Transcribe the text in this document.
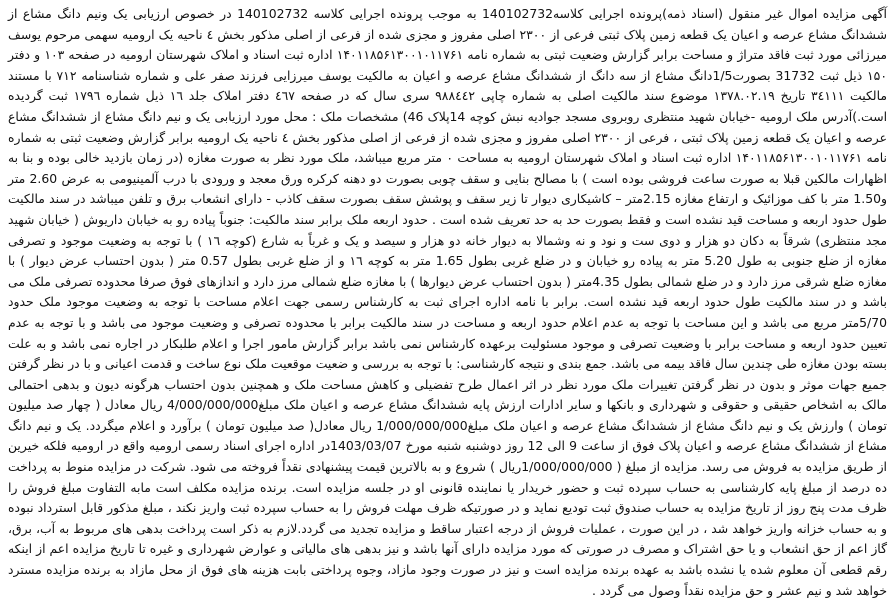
آگهی مزایده اموال غیر منقول (اسناد ذمه)پرونده اجرایی کلاسه140102732 به موجب پرونده اجرایی کلاسه 140102732 در خصوص ارزیابی یک ونیم دانگ مشاع از ششدانگ مشاع عرصه و اعیان یک قطعه زمین پلاک ثبتی فرعی از ۲۳۰۰ اصلی مفروز و مجزی شده از فرعی از اصلی مذکور بخش ٤ ناحیه یک ارومیه سهمی مرحوم یوسف میرزائی مورد ثبت فاقد متراژ و مساحت برابر گزارش وضعیت ثبتی به شماره نامه ۱۴۰۱۱۸۵۶۱۳۰۰۱۰۱۱۷۶۱ اداره ثبت اسناد و املاک شهرستان ارومیه در صفحه ۱۰۳ و دفتر ۱۵۰ ذیل ثبت 31732 بصورت1/5دانگ مشاع از سه دانگ از ششدانگ مشاع عرصه و اعیان به مالکیت یوسف میرزایی فرزند صفر علی و شماره شناسنامه ۷۱۲ با مستند مالکیت ۳٤۱۱۱ تاریخ ۱۳۷۸.۰۲.۱۹ موضوع سند مالکیت اصلی به شماره چاپی ۹۸۸٤٤۲ سری سال که در صفحه ٤٦۷ دفتر املاک جلد ۱٦ ذیل شماره ۱۷۹٦ ثبت گردیده است.)آدرس ملک ارومیه -خیابان شهید منتظری روبروی مسجد جوادیه نبش کوچه 14پلاک 46) مشخصات ملک : محل مورد ارزیابی یک و نیم دانگ مشاع از ششدانگ مشاع عرصه و اعیان یک قطعه زمین پلاک ثبتی ، فرعی از ۲۳۰۰ اصلی مفروز و مجزی شده از فرعی از اصلی مذکور بخش ٤ ناحیه یک ارومیه برابر گزارش وضعیت ثبتی به شماره نامه ۱۴۰۱۱۸۵۶۱۳۰۰۱۰۱۱۷۶۱ اداره ثبت اسناد و املاک شهرستان ارومیه به مساحت ۰ متر مربع میباشد، ملک مورد نظر به صورت مغازه (در زمان بازدید خالی بوده و بنا به اظهارات مالکین قبلا به صورت ساعت فروشی بوده است ) با مصالح بنایی و سقف چوبی بصورت دو دهنه کرکره ورق معجد و ورودی با درب آلمینیومی به عرض 2.60 متر و1.50 متر با کف موزائیک و ارتفاع مغازه 2.15متر – کاشیکاری دیوار تا زیر سقف و پوشش سقف بصورت سقف کاذب - دارای انشعاب برق و تلفن میباشد در سند مالکیت طول حدود اربعه و مساحت قید نشده است و فقط بصورت حد به حد تعریف شده است . حدود اربعه ملک برابر سند مالکیت: جنوباً پیاده رو به خیابان داریوش ( خیابان شهید مجد منتظری) شرقاً به دکان دو هزار و دوی ست و نود و نه وشمالا به دیوار خانه دو هزار و سیصد و یک و غرباً به شارع (کوچه ۱٦ ) با توجه به وضعیت موجود و تصرفی مغازه از ضلع جنوبی به طول 5.20 متر به پیاده رو خیابان و در ضلع غربی بطول 1.65 متر به کوچه ۱٦ و از ضلع غربی بطول 0.57 متر ( بدون احتساب عرض دیوار ) با مغازه ضلع شرقی مرز دارد و در ضلع شمالی بطول 4.35متر ( بدون احتساب عرض دیوارها ) با مغازه ضلع شمالی مرز دارد و اندازهای فوق صرفا محدوده تصرفی ملک می باشد و در سند مالکیت طول حدود اربعه قید نشده است. برابر با نامه اداره اجرای ثبت به کارشناس رسمی جهت اعلام مساحت با توجه به وضعیت موجود ملک حدود 5/70متر مربع می باشد و این مساحت با توجه به عدم اعلام حدود اربعه و مساحت در سند مالکیت برابر با محدوده تصرفی و وضعیت موجود می باشد و با توجه به عدم تعیین حدود اربعه و مساحت برابر با وضعیت تصرفی و موجود مسئولیت برعهده کارشناس نمی باشد برابر گزارش مامور اجرا و اعلام طلبکار در اجاره نمی باشد و به علت بسته بودن مغازه طی چندین سال فاقد بیمه می باشد. جمع بندی و نتیجه کارشناسی: با توجه به بررسی و ضعیت موقعیت ملک نوع ساخت و قدمت اعیانی و با در نظر گرفتن جمیع جهات موثر و بدون در نظر گرفتن تغییرات ملک مورد نظر در اثر اعمال طرح تفضیلی و کاهش مساحت ملک و همچنین بدون احتساب هرگونه دیون و بدهی احتمالی مالک به اشخاص حقیقی و حقوقی و شهرداری و بانکها و سایر ادارات ارزش پایه ششدانگ مشاع عرصه و اعیان ملک مبلغ4/000/000/000 ریال معادل ( چهار صد میلیون تومان ) وارزش یک و نیم دانگ مشاع از ششدانگ مشاع عرصه و اعیان ملک مبلغ1/000/000/000 ریال معادل( صد میلیون تومان ) برآورد و اعلام میگردد. یک و نیم دانگ مشاع از ششدانگ مشاع عرصه و اعیان پلاک فوق از ساعت 9 الی 12 روز دوشنبه شنبه مورخ 1403/03/07در اداره اجرای اسناد رسمی ارومیه واقع در ارومیه فلکه خیرین از طریق مزایده به فروش می رسد. مزایده از مبلغ ( 1/000/000/000ریال ) شروع و به بالاترین قیمت پیشنهادی نقداً فروخته می شود. شرکت در مزایده منوط به پرداخت ده درصد از مبلغ پایه کارشناسی به حساب سپرده ثبت و حضور خریدار یا نماینده قانونی او در جلسه مزایده است. برنده مزایده مکلف است مابه التفاوت مبلغ فروش را ظرف مدت پنج روز از تاریخ مزایده به حساب صندوق ثبت تودیع نماید و در صورتیکه ظرف مهلت فروش را به حساب سپرده ثبت واریز نکند ، مبلغ مذکور قابل استرداد نبوده و به حساب خزانه واریز خواهد شد ، در این صورت ، عملیات فروش از درجه اعتبار ساقط و مزایده تجدید می گردد.لازم به ذکر است پرداخت بدهی های مربوط به آب، برق، گاز اعم از حق انشعاب و یا حق اشتراک و مصرف در صورتی که مورد مزایده دارای آنها باشد و نیز بدهی های مالیاتی و عوارض شهرداری و غیره تا تاریخ مزایده اعم از اینکه رقم قطعی آن معلوم شده یا نشده باشد به عهده برنده مزایده است و نیز در صورت وجود مازاد، وجوه پرداختی بابت هزینه های فوق از محل مازاد به برنده مزایده مسترد خواهد شد و نیم عشر و حق مزایده نقداً وصول می گردد .
